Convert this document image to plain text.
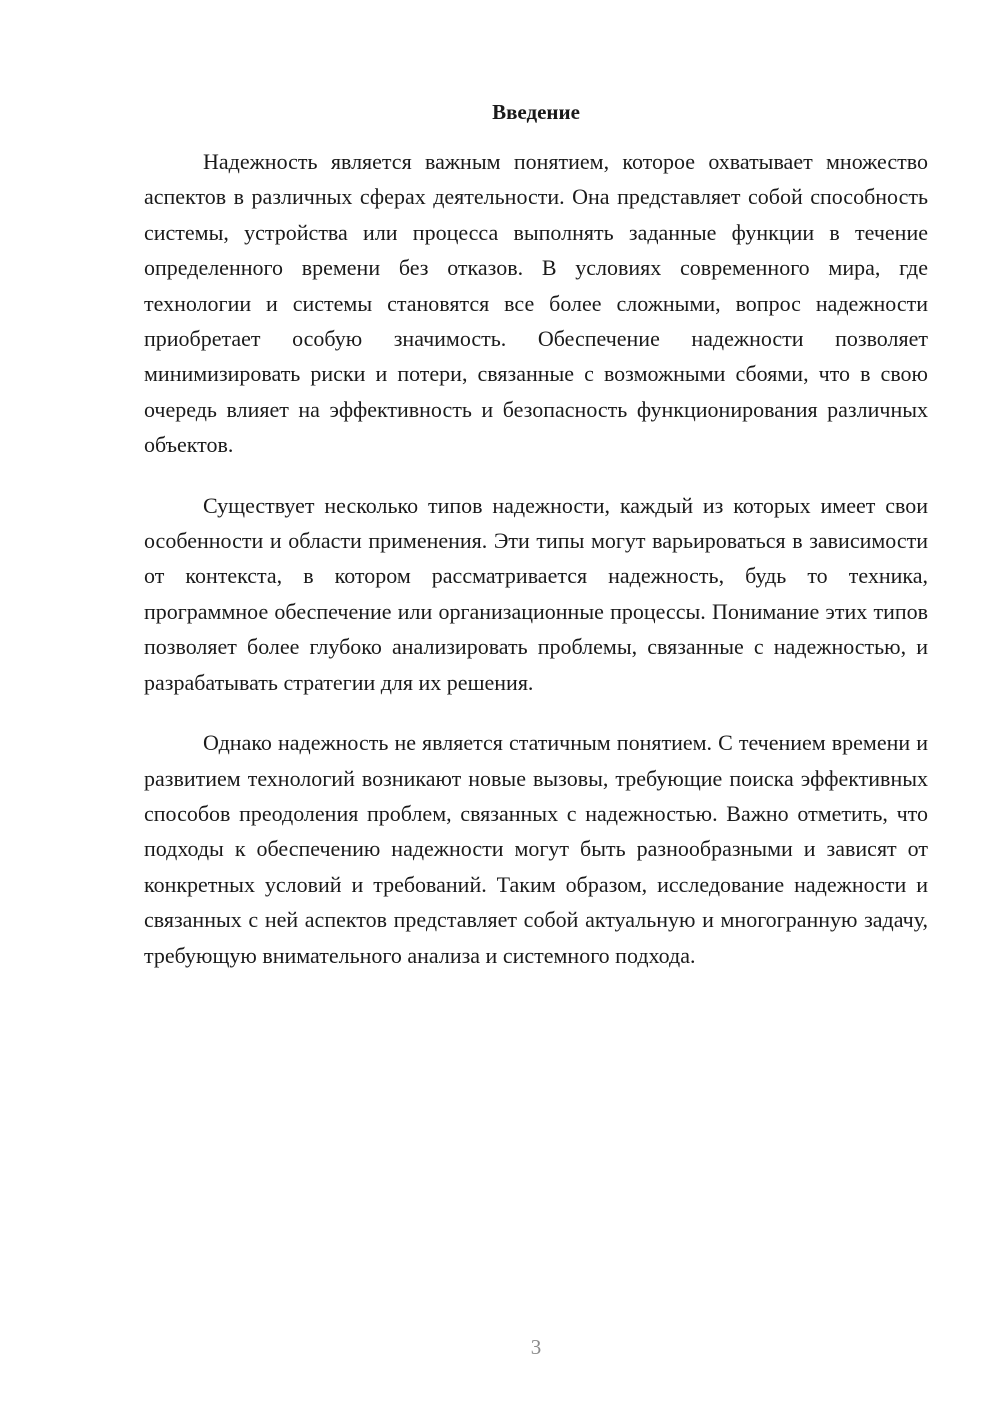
Введение

Надежность является важным понятием, которое охватывает множество аспектов в различных сферах деятельности. Она представляет собой способность системы, устройства или процесса выполнять заданные функции в течение определенного времени без отказов. В условиях современного мира, где технологии и системы становятся все более сложными, вопрос надежности приобретает особую значимость. Обеспечение надежности позволяет минимизировать риски и потери, связанные с возможными сбоями, что в свою очередь влияет на эффективность и безопасность функционирования различных объектов.

Существует несколько типов надежности, каждый из которых имеет свои особенности и области применения. Эти типы могут варьироваться в зависимости от контекста, в котором рассматривается надежность, будь то техника, программное обеспечение или организационные процессы. Понимание этих типов позволяет более глубоко анализировать проблемы, связанные с надежностью, и разрабатывать стратегии для их решения.

Однако надежность не является статичным понятием. С течением времени и развитием технологий возникают новые вызовы, требующие поиска эффективных способов преодоления проблем, связанных с надежностью. Важно отметить, что подходы к обеспечению надежности могут быть разнообразными и зависят от конкретных условий и требований. Таким образом, исследование надежности и связанных с ней аспектов представляет собой актуальную и многогранную задачу, требующую внимательного анализа и системного подхода.

3
